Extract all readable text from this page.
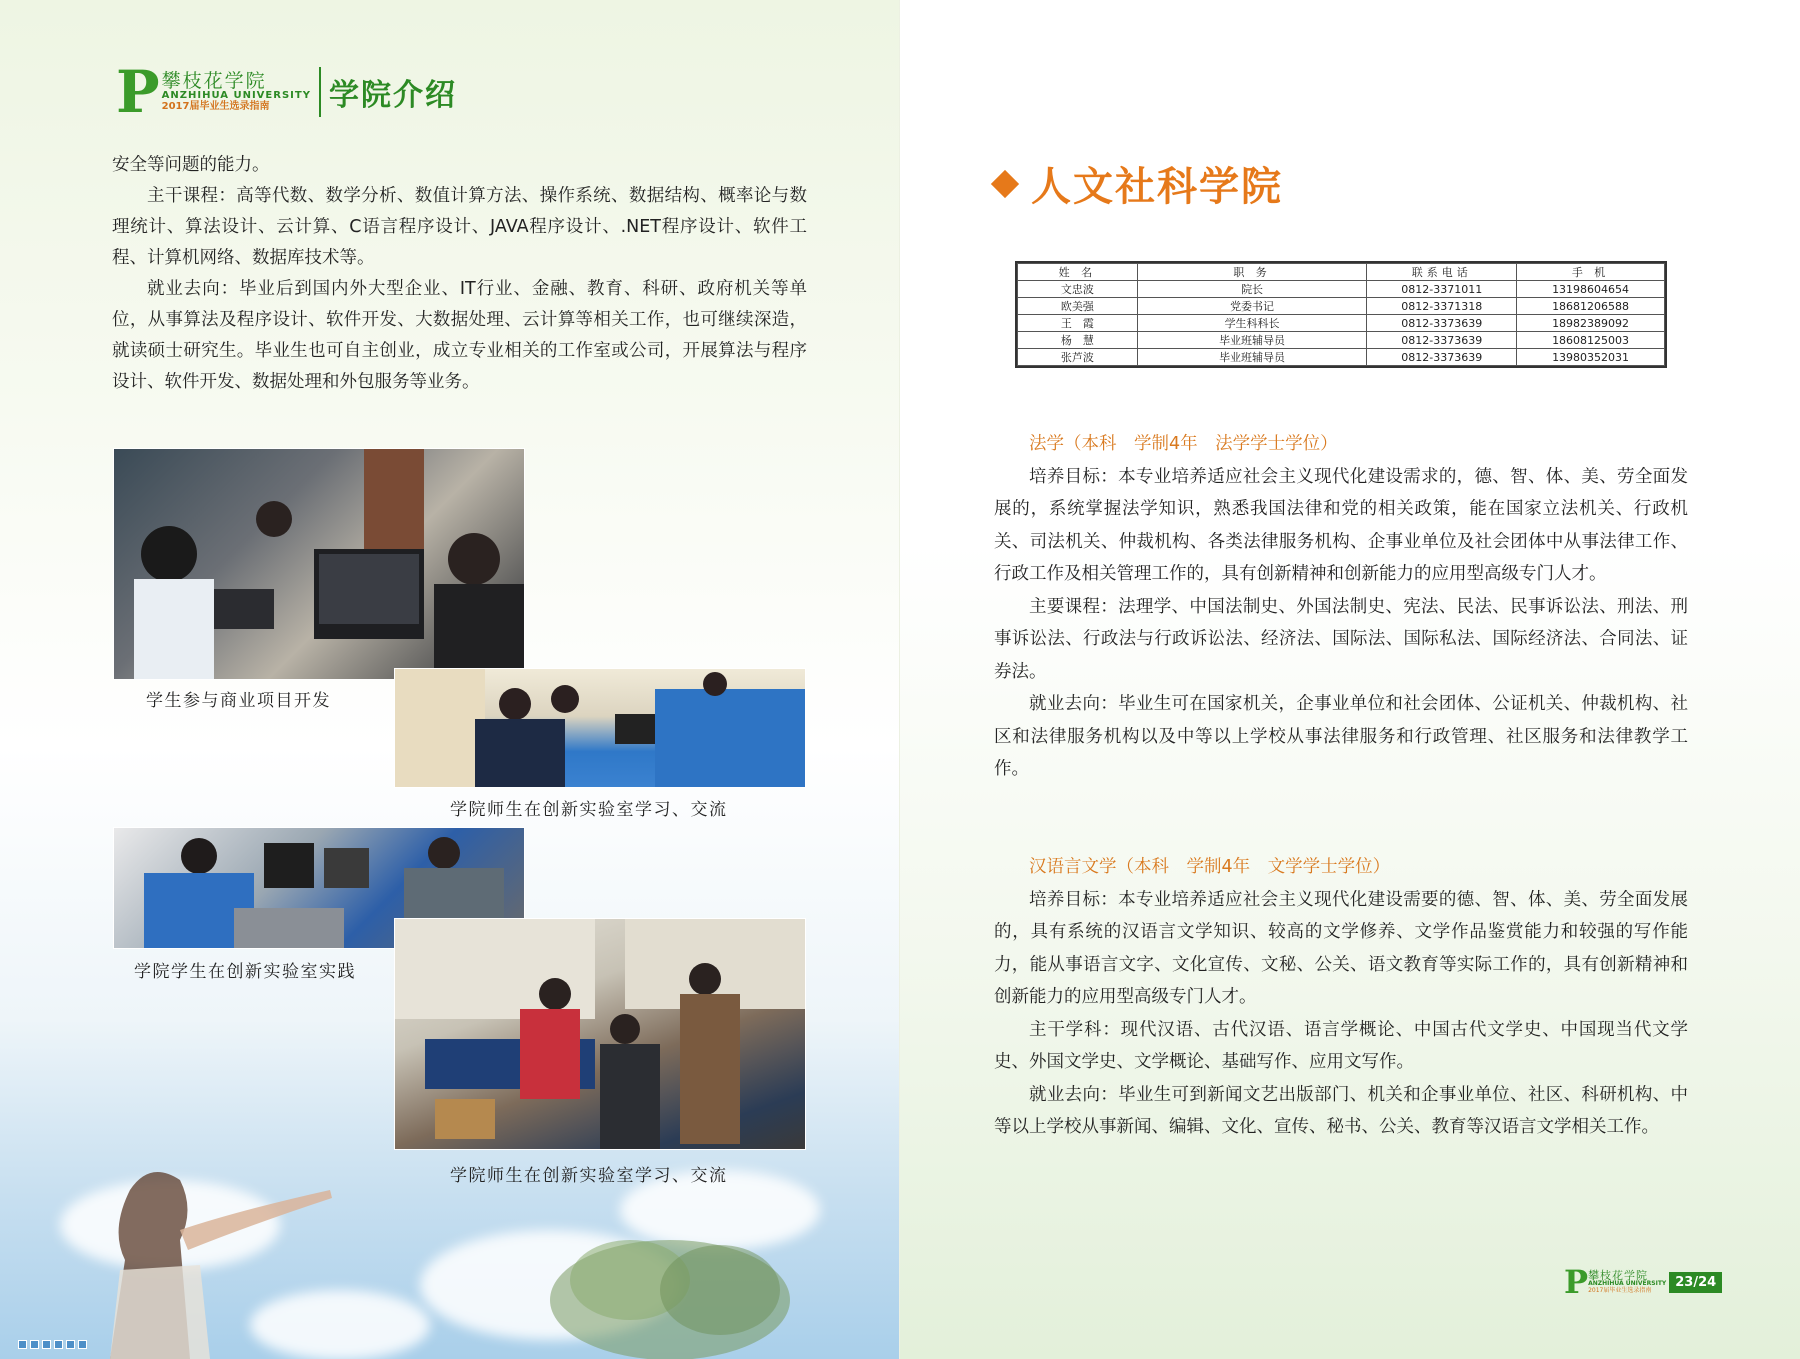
P 攀枝花学院
ANZHIHUA UNIVERSITY
2017届毕业生选录指南	学院介绍

安全等问题的能力。

主干课程：高等代数、数学分析、数值计算方法、操作系统、数据结构、概率论与数理统计、算法设计、云计算、C语言程序设计、JAVA程序设计、.NET程序设计、软件工程、计算机网络、数据库技术等。

就业去向：毕业后到国内外大型企业、IT行业、金融、教育、科研、政府机关等单位，从事算法及程序设计、软件开发、大数据处理、云计算等相关工作，也可继续深造，就读硕士研究生。毕业生也可自主创业，成立专业相关的工作室或公司，开展算法与程序设计、软件开发、数据处理和外包服务等业务。

学生参与商业项目开发
学院师生在创新实验室学习、交流
学院学生在创新实验室实践
学院师生在创新实验室学习、交流
人文社科学院
姓 名	职 务	联系电话	手 机
文忠波	院长	0812-3371011	13198604654
欧美强	党委书记	0812-3371318	18681206588
王　霞	学生科科长	0812-3373639	18982389092
杨　慧	毕业班辅导员	0812-3373639	18608125003
张芦波	毕业班辅导员	0812-3373639	13980352031
法学（本科　学制4年　法学学士学位）

培养目标：本专业培养适应社会主义现代化建设需求的，德、智、体、美、劳全面发展的，系统掌握法学知识，熟悉我国法律和党的相关政策，能在国家立法机关、行政机关、司法机关、仲裁机构、各类法律服务机构、企事业单位及社会团体中从事法律工作、行政工作及相关管理工作的，具有创新精神和创新能力的应用型高级专门人才。

主要课程：法理学、中国法制史、外国法制史、宪法、民法、民事诉讼法、刑法、刑事诉讼法、行政法与行政诉讼法、经济法、国际法、国际私法、国际经济法、合同法、证券法。

就业去向：毕业生可在国家机关，企事业单位和社会团体、公证机关、仲裁机构、社区和法律服务机构以及中等以上学校从事法律服务和行政管理、社区服务和法律教学工作。

汉语言文学（本科　学制4年　文学学士学位）

培养目标：本专业培养适应社会主义现代化建设需要的德、智、体、美、劳全面发展的，具有系统的汉语言文学知识、较高的文学修养、文学作品鉴赏能力和较强的写作能力，能从事语言文字、文化宣传、文秘、公关、语文教育等实际工作的，具有创新精神和创新能力的应用型高级专门人才。

主干学科：现代汉语、古代汉语、语言学概论、中国古代文学史、中国现当代文学史、外国文学史、文学概论、基础写作、应用文写作。

就业去向：毕业生可到新闻文艺出版部门、机关和企事业单位、社区、科研机构、中等以上学校从事新闻、编辑、文化、宣传、秘书、公关、教育等汉语言文学相关工作。

P 攀枝花学院
ANZHIHUA UNIVERSITY
2017届毕业生选录指南
23/24
